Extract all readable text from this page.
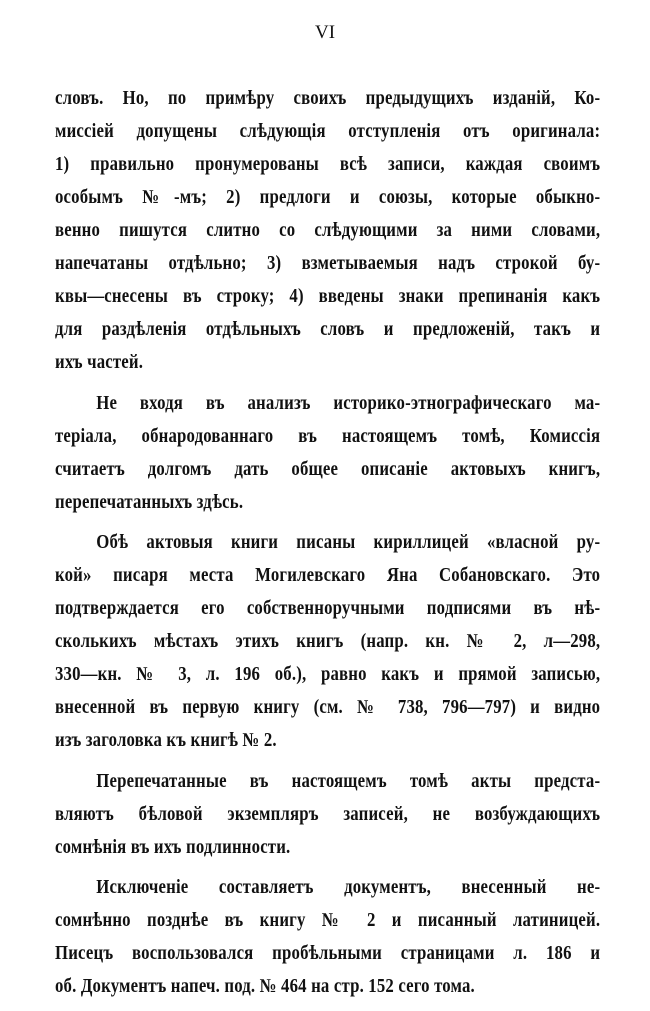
VI
словъ. Но, по примѣру своихъ предыдущихъ изданій, Ко-
миссіей допущены слѣдующія отступленія отъ оригинала:
1) правильно пронумерованы всѣ записи, каждая своимъ
особымъ №-мъ; 2) предлоги и союзы, которые обыкно-
венно пишутся слитно со слѣдующими за ними словами,
напечатаны отдѣльно; 3) взметываемыя надъ строкой бу-
квы—снесены въ строку; 4) введены знаки препинанія какъ
для раздѣленія отдѣльныхъ словъ и предложеній, такъ и
ихъ частей.
Не входя въ анализъ историко-этнографическаго ма-
теріала, обнародованнаго въ настоящемъ томѣ, Комиссія
считаетъ долгомъ дать общее описаніе актовыхъ книгъ,
перепечатанныхъ здѣсь.
Обѣ актовыя книги писаны кириллицей «власной ру-
кой» писаря места Могилевскаго Яна Собановскаго. Это
подтверждается его собственноручными подписями въ нѣ-
сколькихъ мѣстахъ этихъ книгъ (напр. кн. № 2, л—298,
330—кн. № 3, л. 196 об.), равно какъ и прямой записью,
внесенной въ первую книгу (см. № 738, 796—797) и видно
изъ заголовка къ книгѣ № 2.
Перепечатанные въ настоящемъ томѣ акты предста-
вляютъ бѣловой экземпляръ записей, не возбуждающихъ
сомнѣнія въ ихъ подлинности.
Исключеніе составляетъ документъ, внесенный не-
сомнѣнно позднѣе въ книгу № 2 и писанный латиницей.
Писецъ воспользовался пробѣльными страницами л. 186 и
об. Документъ напеч. под. № 464 на стр. 152 сего тома.
